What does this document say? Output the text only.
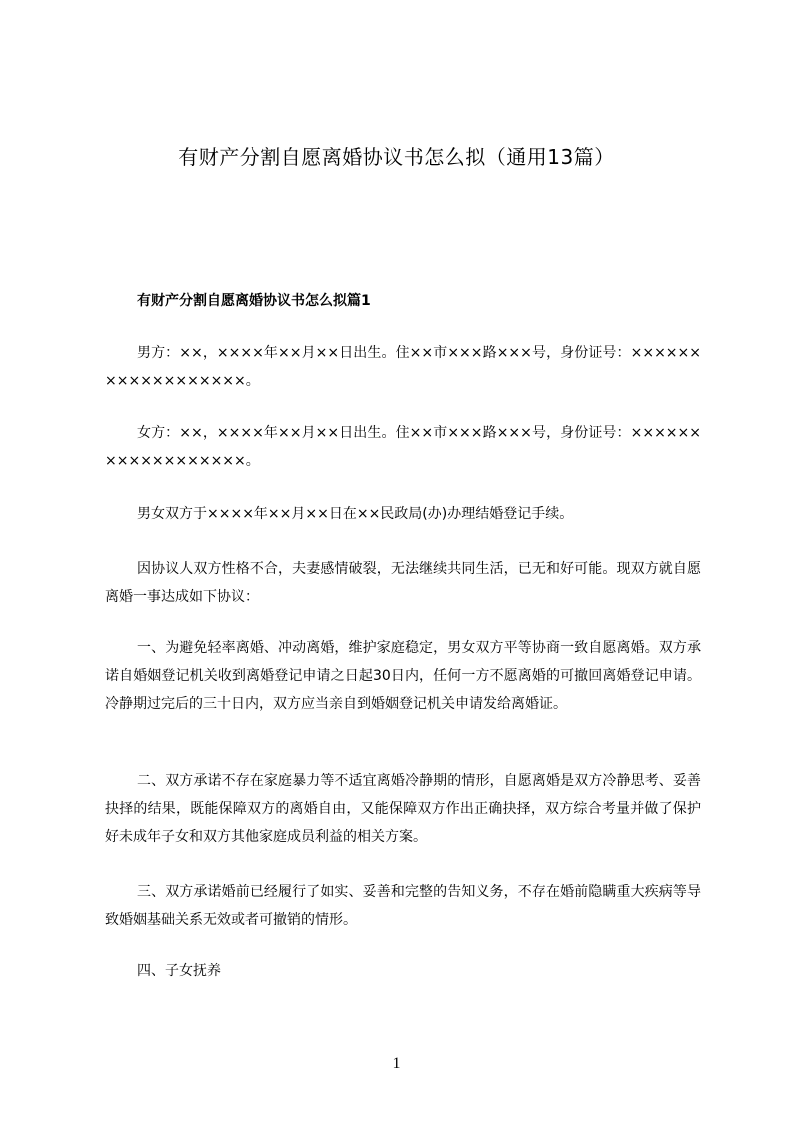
有财产分割自愿离婚协议书怎么拟（通用13篇）
有财产分割自愿离婚协议书怎么拟篇1

男方：××，××××年××月××日出生。住××市×××路×××号，身份证号：××××××××××××××××××。

女方：××，××××年××月××日出生。住××市×××路×××号，身份证号：××××××××××××××××××。

男女双方于××××年××月××日在××民政局(办)办理结婚登记手续。

因协议人双方性格不合，夫妻感情破裂，无法继续共同生活，已无和好可能。现双方就自愿离婚一事达成如下协议：

一、为避免轻率离婚、冲动离婚，维护家庭稳定，男女双方平等协商一致自愿离婚。双方承诺自婚姻登记机关收到离婚登记申请之日起30日内，任何一方不愿离婚的可撤回离婚登记申请。冷静期过完后的三十日内，双方应当亲自到婚姻登记机关申请发给离婚证。

二、双方承诺不存在家庭暴力等不适宜离婚冷静期的情形，自愿离婚是双方冷静思考、妥善抉择的结果，既能保障双方的离婚自由，又能保障双方作出正确抉择，双方综合考量并做了保护好未成年子女和双方其他家庭成员利益的相关方案。

三、双方承诺婚前已经履行了如实、妥善和完整的告知义务，不存在婚前隐瞒重大疾病等导致婚姻基础关系无效或者可撤销的情形。

四、子女抚养

1
